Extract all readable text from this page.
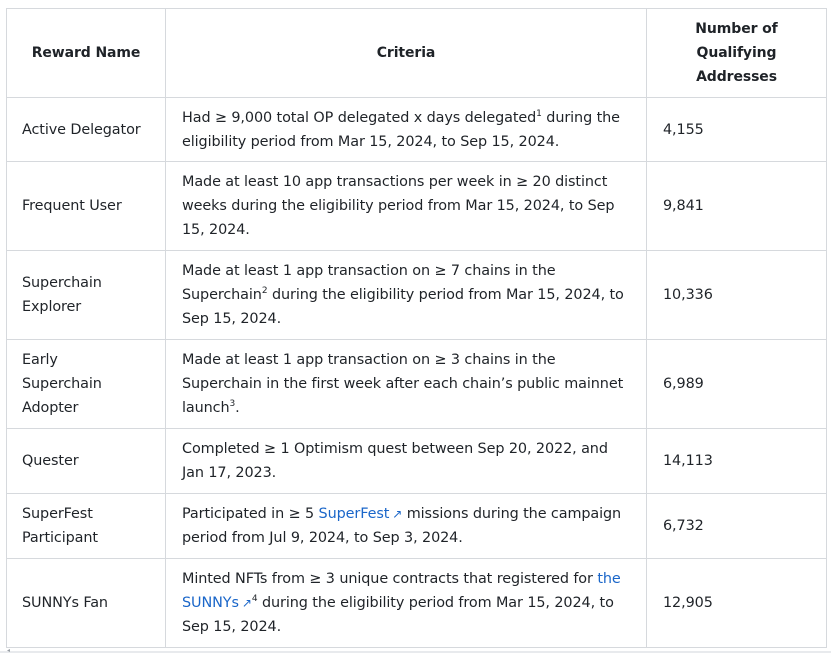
Reward Name	Criteria	Number of Qualifying Addresses
Active Delegator	Had ≥ 9,000 total OP delegated x days delegated$^1$ during the eligibility period from Mar 15, 2024, to Sep 15, 2024.	4,155
Frequent User	Made at least 10 app transactions per week in ≥ 20 distinct weeks during the eligibility period from Mar 15, 2024, to Sep 15, 2024.	9,841
Superchain Explorer	Made at least 1 app transaction on ≥ 7 chains in the Superchain$^2$ during the eligibility period from Mar 15, 2024, to Sep 15, 2024.	10,336
Early Superchain Adopter	Made at least 1 app transaction on ≥ 3 chains in the Superchain in the first week after each chain’s public mainnet launch$^3$.	6,989
Quester	Completed ≥ 1 Optimism quest between Sep 20, 2022, and Jan 17, 2023.	14,113
SuperFest Participant	Participated in ≥ 5 SuperFest ↗ missions during the campaign period from Jul 9, 2024, to Sep 3, 2024.	6,732
SUNNYs Fan	Minted NFTs from ≥ 3 unique contracts that registered for the SUNNYs ↗$^4$ during the eligibility period from Mar 15, 2024, to Sep 15, 2024.	12,905
◂
